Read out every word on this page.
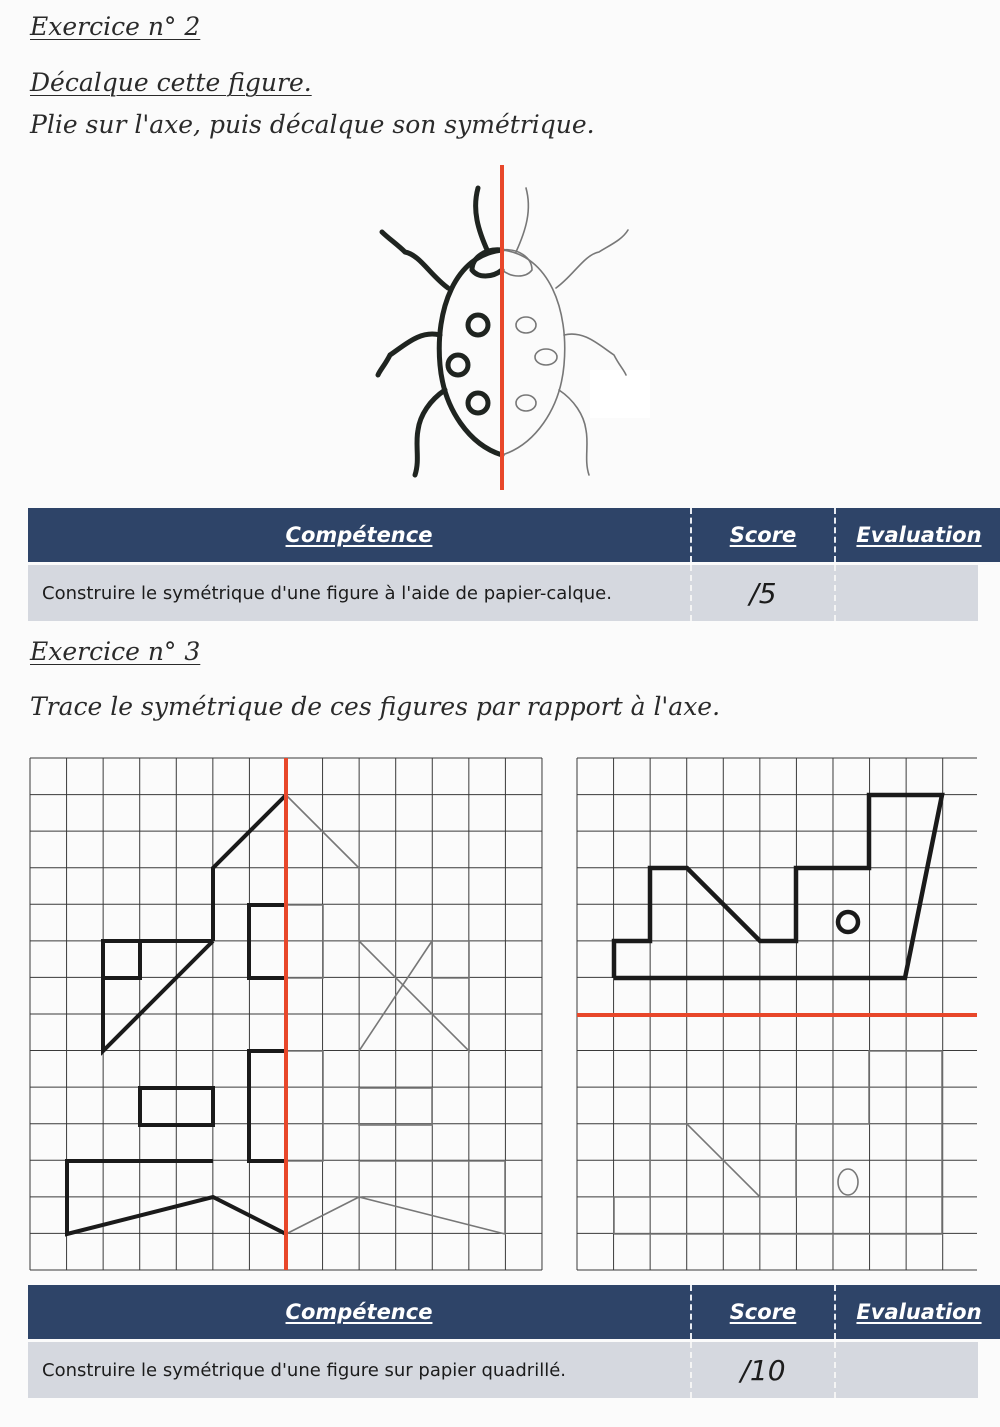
Exercice n° 2
Décalque cette figure.
Plie sur l'axe, puis décalque son symétrique.
Compétence	Score	Evaluation
Construire le symétrique d'une figure à l'aide de papier-calque.	/5
Exercice n° 3
Trace le symétrique de ces figures par rapport à l'axe.
Compétence	Score	Evaluation
Construire le symétrique d'une figure sur papier quadrillé.	/10
